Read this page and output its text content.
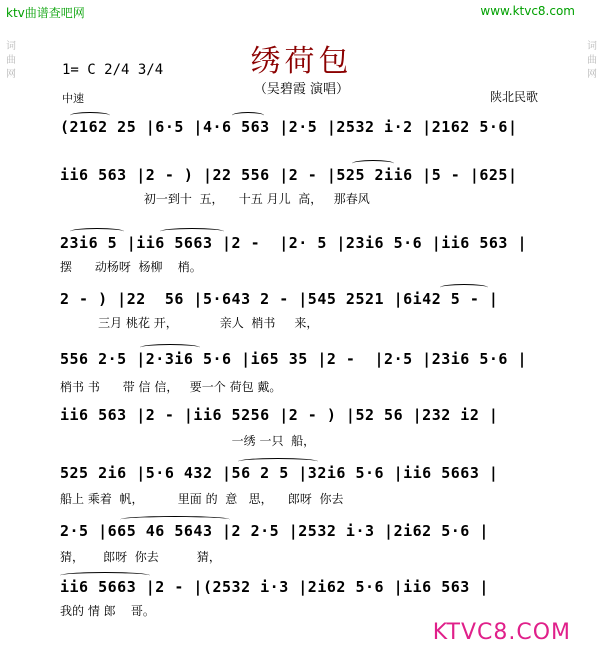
词曲网
词曲网
ktv曲谱查吧网	www.ktvc8.com
绣荷包
（吴碧霞 演唱）
1= C 2/4 3/4
中速	陕北民歌
(2162 25 |6·5 |4·6 563 |2·5 |2532 i·2 |2162 5·6|
ii6 563 |2 - ) |22 556 |2 - |525 2ii6 |5 - |625|
初一到十  五，    十五 月儿  高，   那春风
23i6 5 |ii6 5663 |2 -  |2· 5 |23i6 5·6 |ii6 563 |
摆      动杨呀  杨柳    梢。
2 - ) |22  56 |5·643 2 - |545 2521 |6i42 5 - |
三月 桃花 开，           亲人  梢书     来，
556 2·5 |2·3i6 5·6 |i65 35 |2 -  |2·5 |23i6 5·6 |
梢书 书      带 信 信，   要一个 荷包 戴。
ii6 563 |2 - |ii6 5256 |2 - ) |52 56 |232 i2 |
一绣 一只  船，
525 2i6 |5·6 432 |56 2 5 |32i6 5·6 |ii6 5663 |
船上 乘着  帆，         里面 的  意   思，    郎呀  你去
2·5 |665 46 5643 |2 2·5 |2532 i·3 |2i62 5·6 |
猜，     郎呀  你去          猜，
ii6 5663 |2 - |(2532 i·3 |2i62 5·6 |ii6 563 |
我的 情 郎    哥。
KTVC8.COM
